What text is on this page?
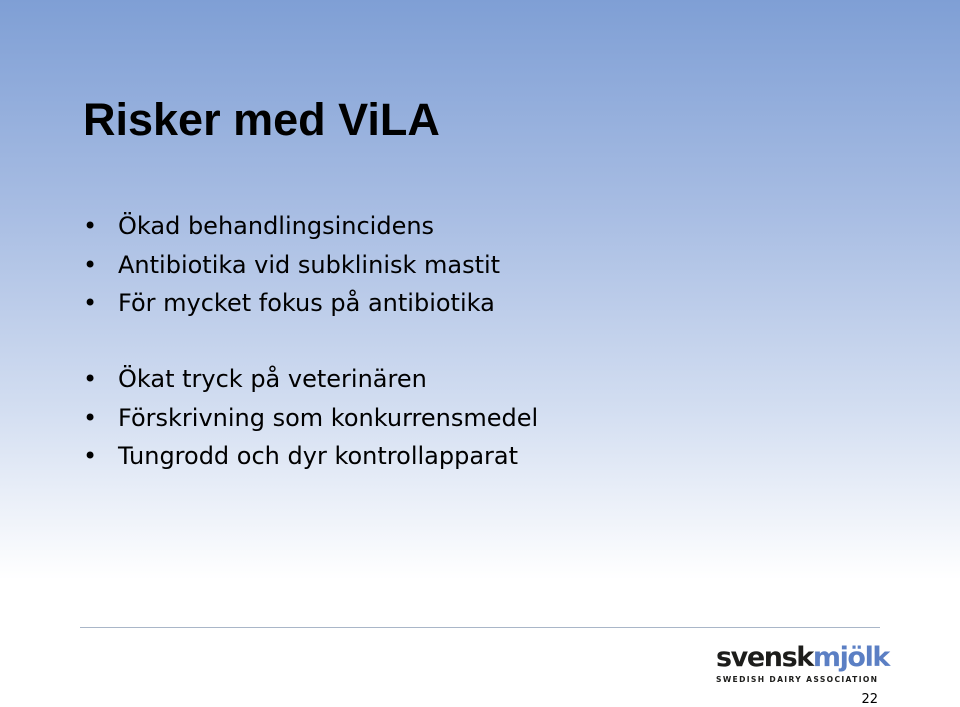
Risker med ViLA
• Ökad behandlingsincidens
• Antibiotika vid subklinisk mastit
• För mycket fokus på antibiotika
• Ökat tryck på veterinären
• Förskrivning som konkurrensmedel
• Tungrodd och dyr kontrollapparat
svenskmjölk
SWEDISH DAIRY ASSOCIATION
22
